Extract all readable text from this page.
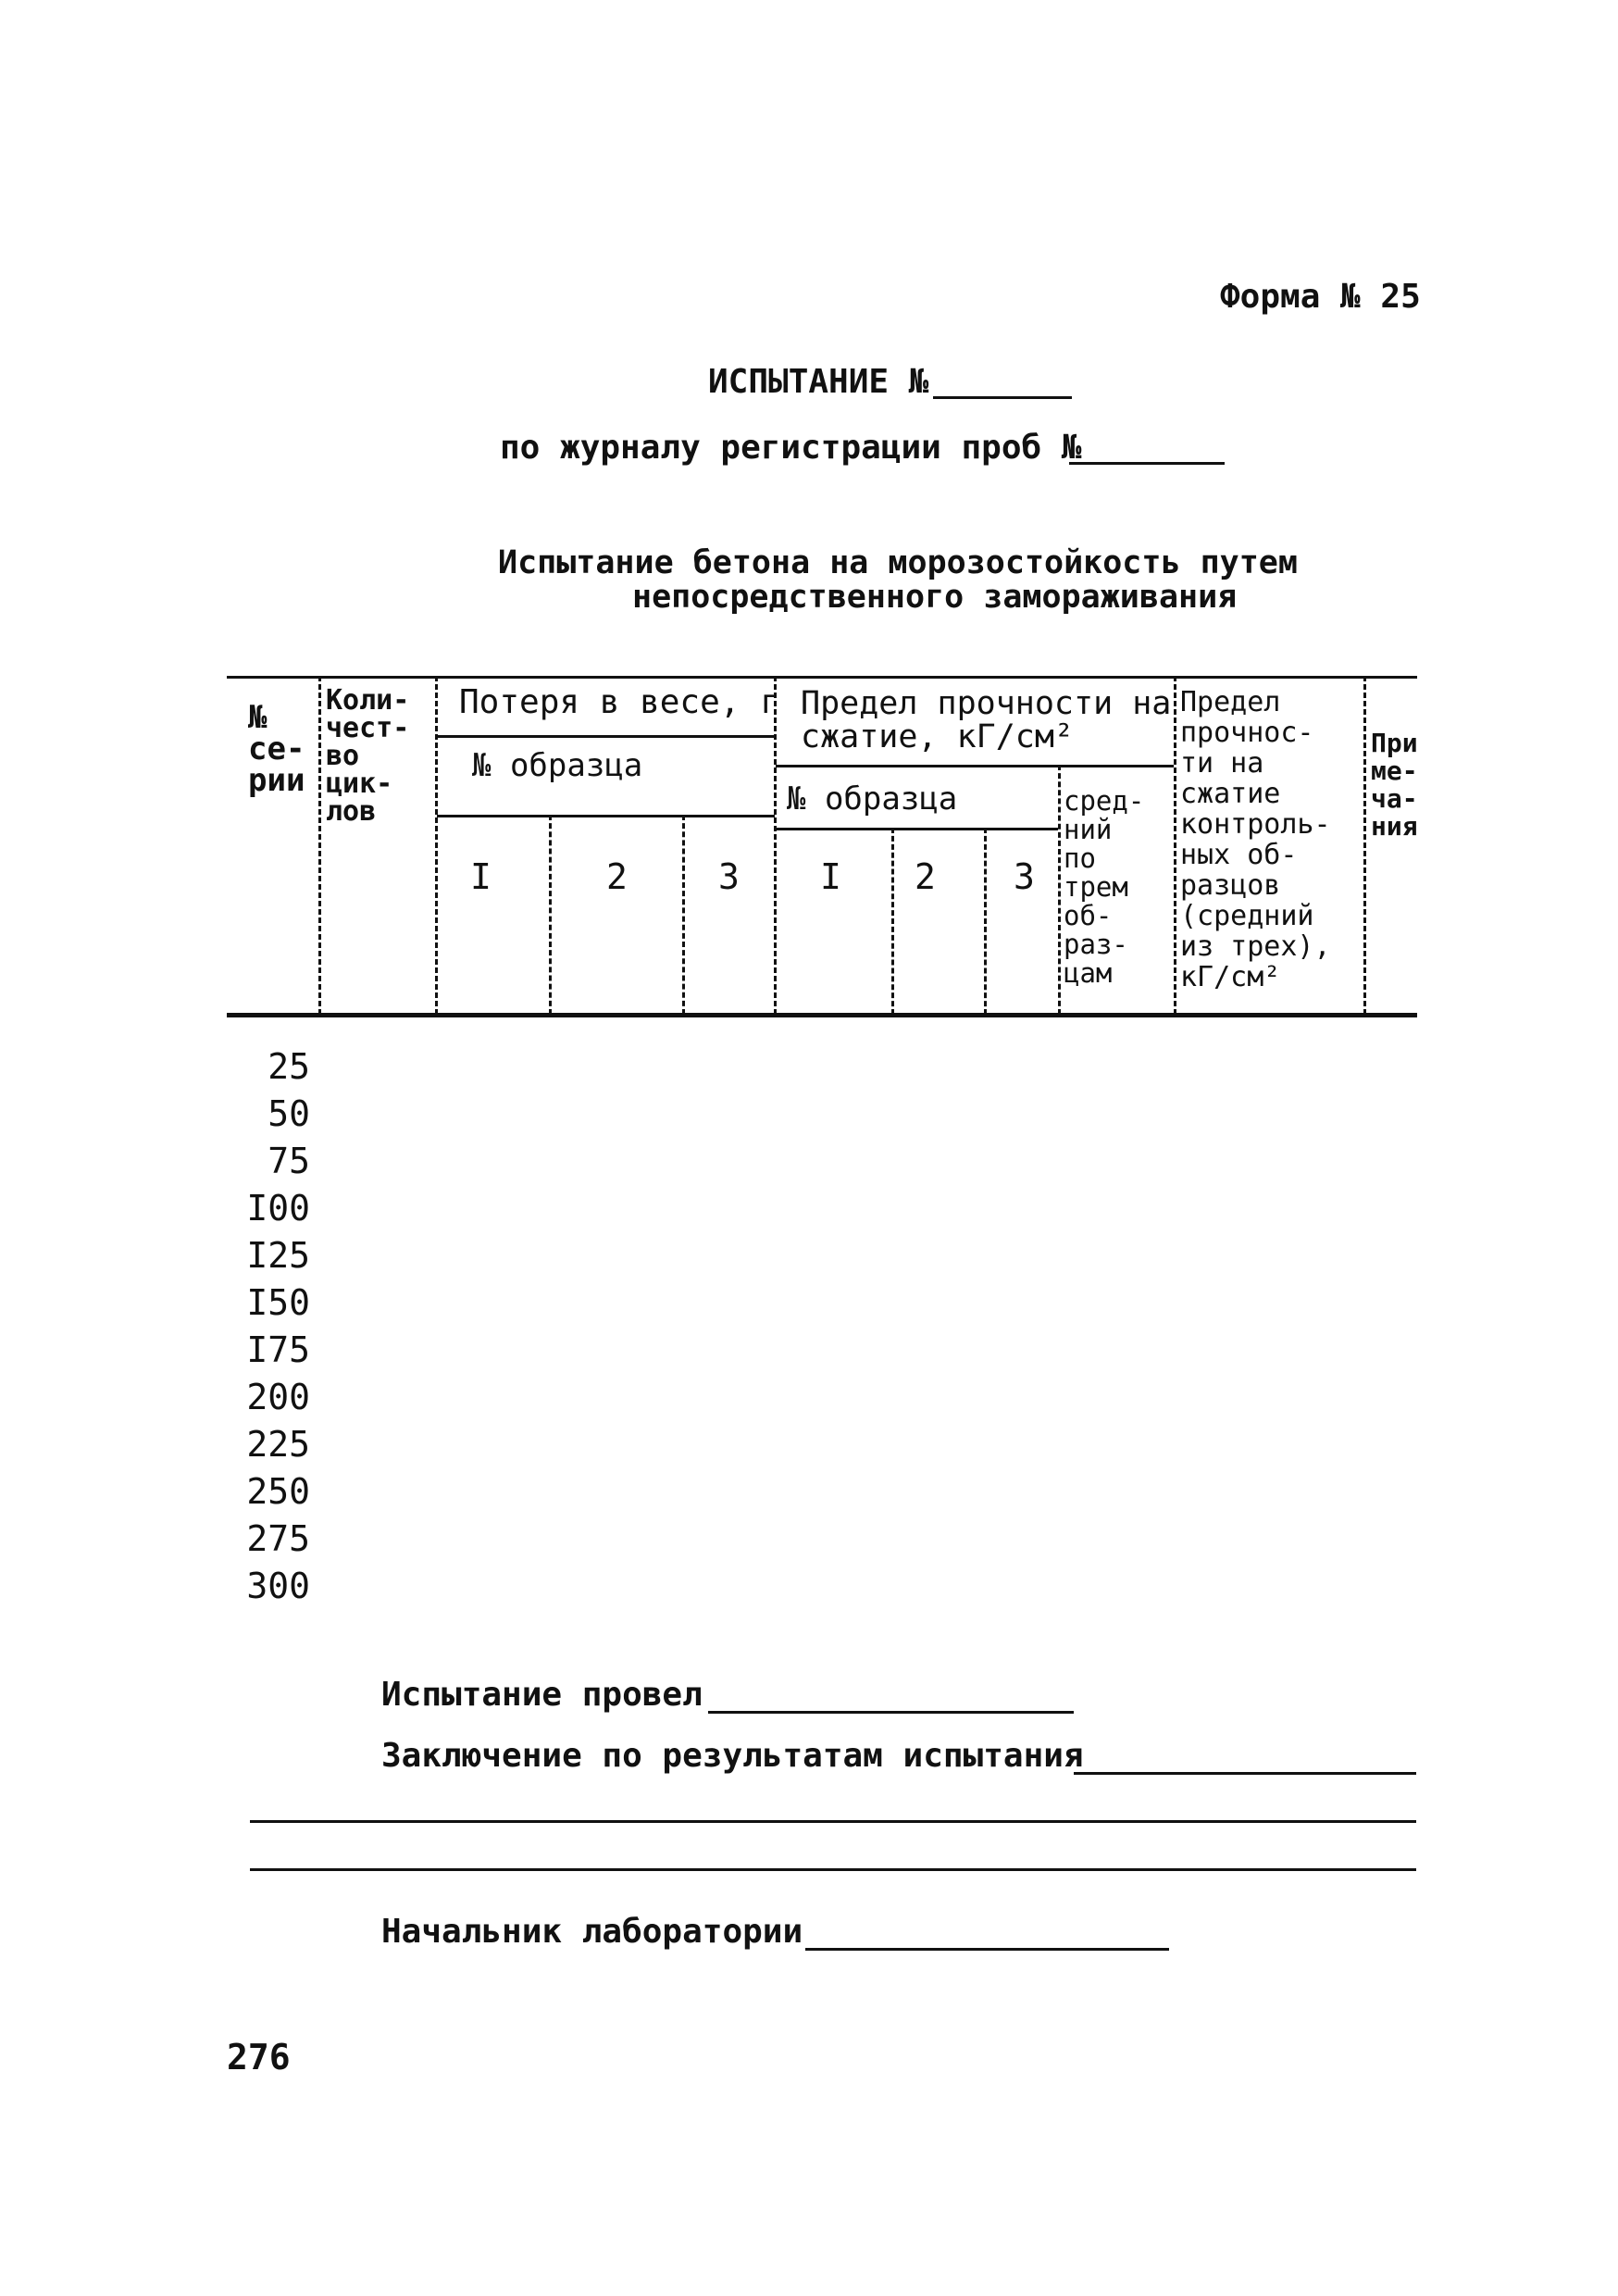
Форма № 25
ИСПЫТАНИЕ №
по журналу регистрации проб №
Испытание бетона на морозостойкость путем
непосредственного замораживания
№
се-
рии
Коли-
чест-
во
цик-
лов
Потеря в весе, г
№ образца
I	2	3
Предел прочности на
сжатие, кГ/см²
№ образца
I 2 3
сред-
ний
по
трем
об-
раз-
цам
Предел
прочнос-
ти на
сжатие
контроль-
ных об-
разцов
(средний
из трех),
кГ/см²
При
ме-
ча-
ния
25
50
75
I00
I25
I50
I75
200
225
250
275
300
Испытание провел
Заключение по результатам испытания
Начальник лаборатории
276
